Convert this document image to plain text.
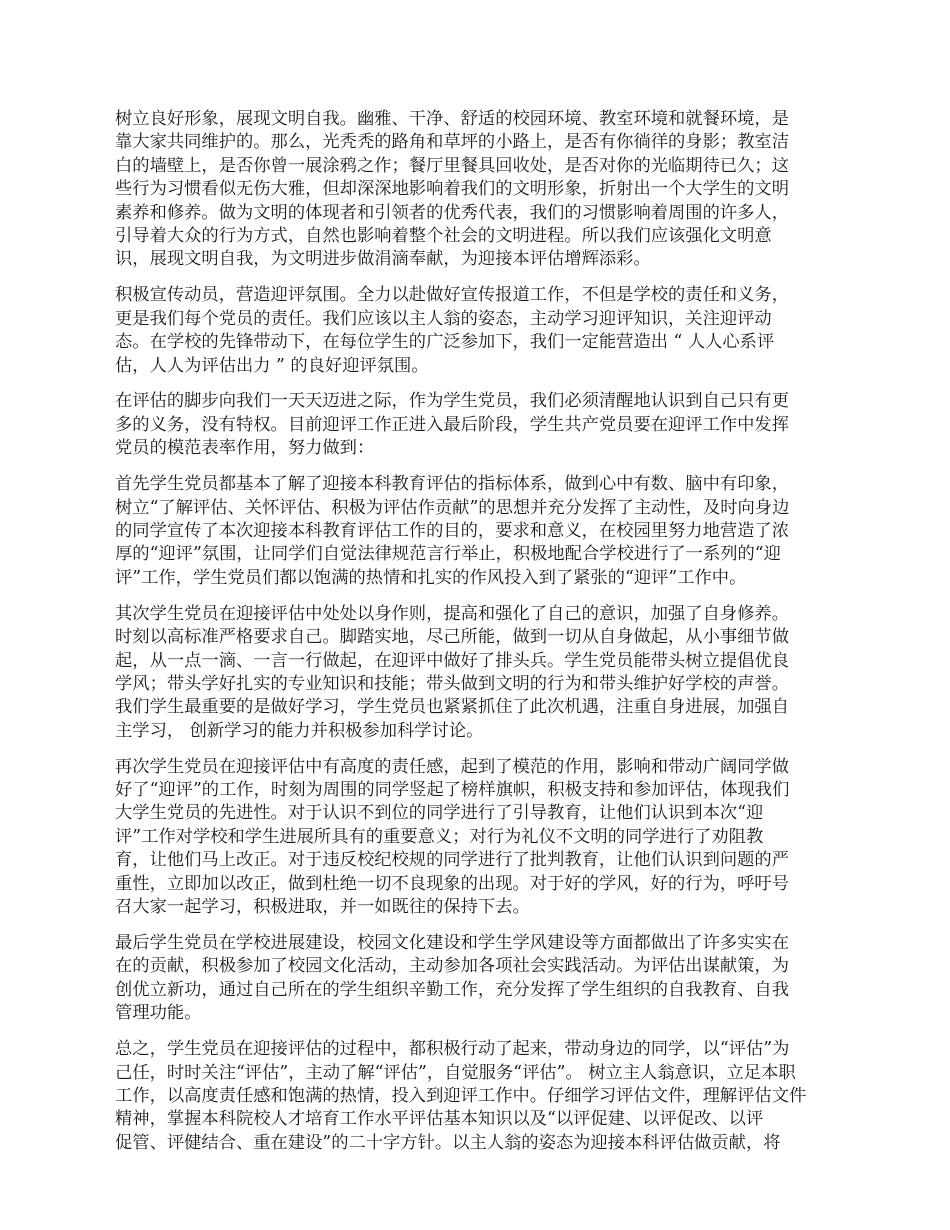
树立良好形象，展现文明自我。幽雅、干净、舒适的校园环境、教室环境和就餐环境，是
靠大家共同维护的。那么，光秃秃的路角和草坪的小路上，是否有你徜徉的身影；教室洁
白的墙壁上，是否你曾一展涂鸦之作；餐厅里餐具回收处，是否对你的光临期待已久；这
些行为习惯看似无伤大雅，但却深深地影响着我们的文明形象，折射出一个大学生的文明
素养和修养。做为文明的体现者和引领者的优秀代表，我们的习惯影响着周围的许多人，
引导着大众的行为方式，自然也影响着整个社会的文明进程。所以我们应该强化文明意
识，展现文明自我，为文明进步做涓滴奉献，为迎接本评估增辉添彩。

积极宣传动员，营造迎评氛围。全力以赴做好宣传报道工作，不但是学校的责任和义务，
更是我们每个党员的责任。我们应该以主人翁的姿态，主动学习迎评知识，关注迎评动
态。在学校的先锋带动下，在每位学生的广泛参加下，我们一定能营造出 “ 人人心系评
估，人人为评估出力 ” 的良好迎评氛围。

在评估的脚步向我们一天天迈进之际，作为学生党员，我们必须清醒地认识到自己只有更
多的义务，没有特权。目前迎评工作正进入最后阶段，学生共产党员要在迎评工作中发挥
党员的模范表率作用，努力做到：

首先学生党员都基本了解了迎接本科教育评估的指标体系，做到心中有数、脑中有印象，
树立“了解评估、关怀评估、积极为评估作贡献”的思想并充分发挥了主动性，及时向身边
的同学宣传了本次迎接本科教育评估工作的目的，要求和意义，在校园里努力地营造了浓
厚的“迎评”氛围，让同学们自觉法律规范言行举止，积极地配合学校进行了一系列的“迎
评”工作，学生党员们都以饱满的热情和扎实的作风投入到了紧张的“迎评”工作中。

其次学生党员在迎接评估中处处以身作则，提高和强化了自己的意识，加强了自身修养。
时刻以高标准严格要求自己。脚踏实地，尽己所能，做到一切从自身做起，从小事细节做
起，从一点一滴、一言一行做起，在迎评中做好了排头兵。学生党员能带头树立提倡优良
学风；带头学好扎实的专业知识和技能；带头做到文明的行为和带头维护好学校的声誉。
我们学生最重要的是做好学习，学生党员也紧紧抓住了此次机遇，注重自身进展，加强自
主学习， 创新学习的能力并积极参加科学讨论。

再次学生党员在迎接评估中有高度的责任感，起到了模范的作用，影响和带动广阔同学做
好了“迎评”的工作，时刻为周围的同学竖起了榜样旗帜，积极支持和参加评估，体现我们
大学生党员的先进性。对于认识不到位的同学进行了引导教育，让他们认识到本次“迎
评”工作对学校和学生进展所具有的重要意义；对行为礼仪不文明的同学进行了劝阻教
育，让他们马上改正。对于违反校纪校规的同学进行了批判教育，让他们认识到问题的严
重性，立即加以改正，做到杜绝一切不良现象的出现。对于好的学风，好的行为，呼吁号
召大家一起学习，积极进取，并一如既往的保持下去。

最后学生党员在学校进展建设，校园文化建设和学生学风建设等方面都做出了许多实实在
在的贡献，积极参加了校园文化活动，主动参加各项社会实践活动。为评估出谋献策，为
创优立新功，通过自己所在的学生组织辛勤工作，充分发挥了学生组织的自我教育、自我
管理功能。

总之，学生党员在迎接评估的过程中，都积极行动了起来，带动身边的同学，以“评估”为
己任，时时关注“评估”，主动了解“评估”，自觉服务“评估”。 树立主人翁意识，立足本职
工作，以高度责任感和饱满的热情，投入到迎评工作中。仔细学习评估文件，理解评估文件
精神，掌握本科院校人才培育工作水平评估基本知识以及“以评促建、以评促改、以评
促管、评健结合、重在建设”的二十字方针。以主人翁的姿态为迎接本科评估做贡献，将
